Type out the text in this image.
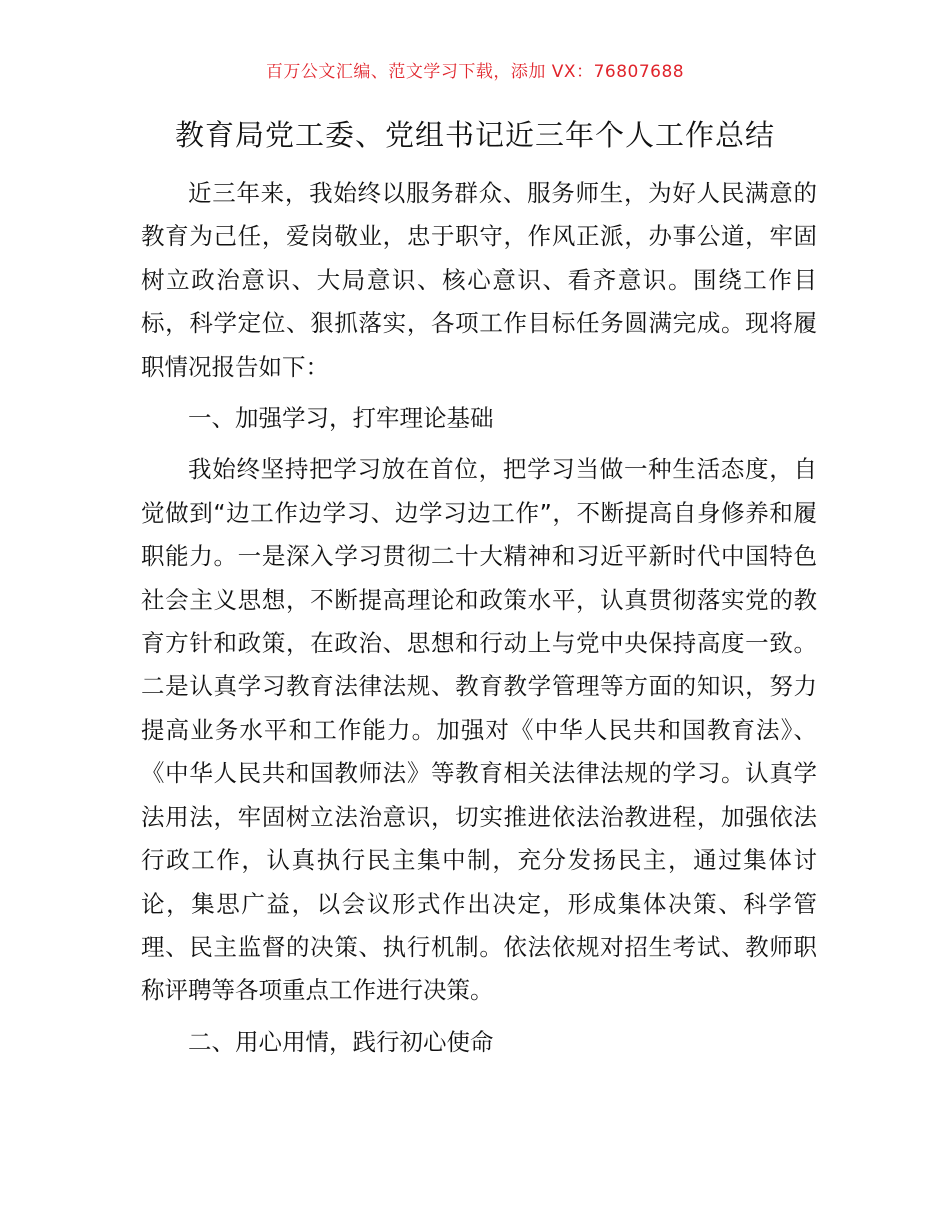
百万公文汇编、范文学习下载，添加 VX：76807688
教育局党工委、党组书记近三年个人工作总结

近三年来，我始终以服务群众、服务师生，为好人民满意的教育为己任，爱岗敬业，忠于职守，作风正派，办事公道，牢固树立政治意识、大局意识、核心意识、看齐意识。围绕工作目标，科学定位、狠抓落实，各项工作目标任务圆满完成。现将履职情况报告如下：

一、加强学习，打牢理论基础

我始终坚持把学习放在首位，把学习当做一种生活态度，自觉做到“边工作边学习、边学习边工作”，不断提高自身修养和履职能力。一是深入学习贯彻二十大精神和习近平新时代中国特色社会主义思想，不断提高理论和政策水平，认真贯彻落实党的教育方针和政策，在政治、思想和行动上与党中央保持高度一致。二是认真学习教育法律法规、教育教学管理等方面的知识，努力提高业务水平和工作能力。加强对《中华人民共和国教育法》、《中华人民共和国教师法》等教育相关法律法规的学习。认真学法用法，牢固树立法治意识，切实推进依法治教进程，加强依法行政工作，认真执行民主集中制，充分发扬民主，通过集体讨论，集思广益，以会议形式作出决定，形成集体决策、科学管理、民主监督的决策、执行机制。依法依规对招生考试、教师职称评聘等各项重点工作进行决策。

二、用心用情，践行初心使命
